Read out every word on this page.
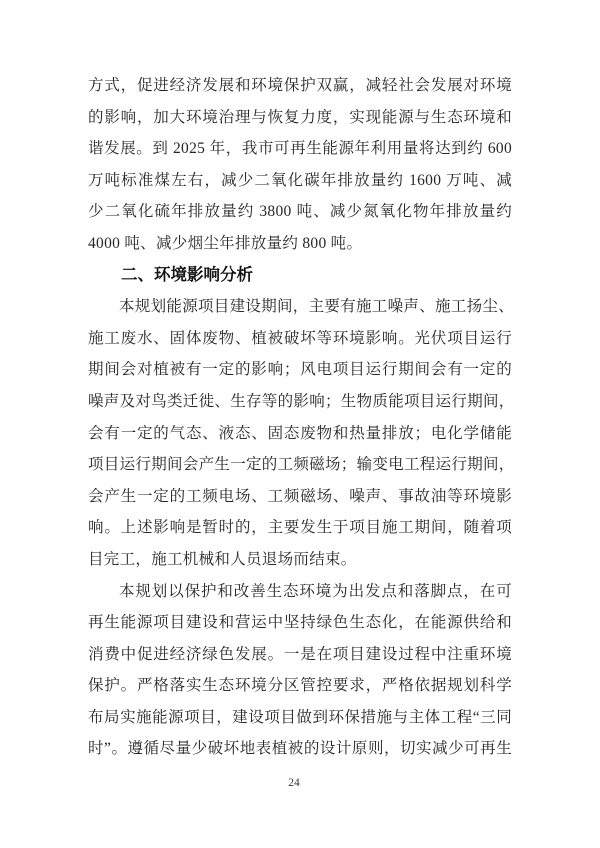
方式，促进经济发展和环境保护双赢，减轻社会发展对环境
的影响，加大环境治理与恢复力度，实现能源与生态环境和
谐发展。到 2025 年，我市可再生能源年利用量将达到约 600
万吨标准煤左右，减少二氧化碳年排放量约 1600 万吨、减
少二氧化硫年排放量约 3800 吨、减少氮氧化物年排放量约
4000 吨、减少烟尘年排放量约 800 吨。
二、环境影响分析
本规划能源项目建设期间，主要有施工噪声、施工扬尘、
施工废水、固体废物、植被破坏等环境影响。光伏项目运行
期间会对植被有一定的影响；风电项目运行期间会有一定的
噪声及对鸟类迁徙、生存等的影响；生物质能项目运行期间，
会有一定的气态、液态、固态废物和热量排放；电化学储能
项目运行期间会产生一定的工频磁场；输变电工程运行期间，
会产生一定的工频电场、工频磁场、噪声、事故油等环境影
响。上述影响是暂时的，主要发生于项目施工期间，随着项
目完工，施工机械和人员退场而结束。
本规划以保护和改善生态环境为出发点和落脚点，在可
再生能源项目建设和营运中坚持绿色生态化，在能源供给和
消费中促进经济绿色发展。一是在项目建设过程中注重环境
保护。严格落实生态环境分区管控要求，严格依据规划科学
布局实施能源项目，建设项目做到环保措施与主体工程“三同
时”。遵循尽量少破坏地表植被的设计原则，切实减少可再生
24
